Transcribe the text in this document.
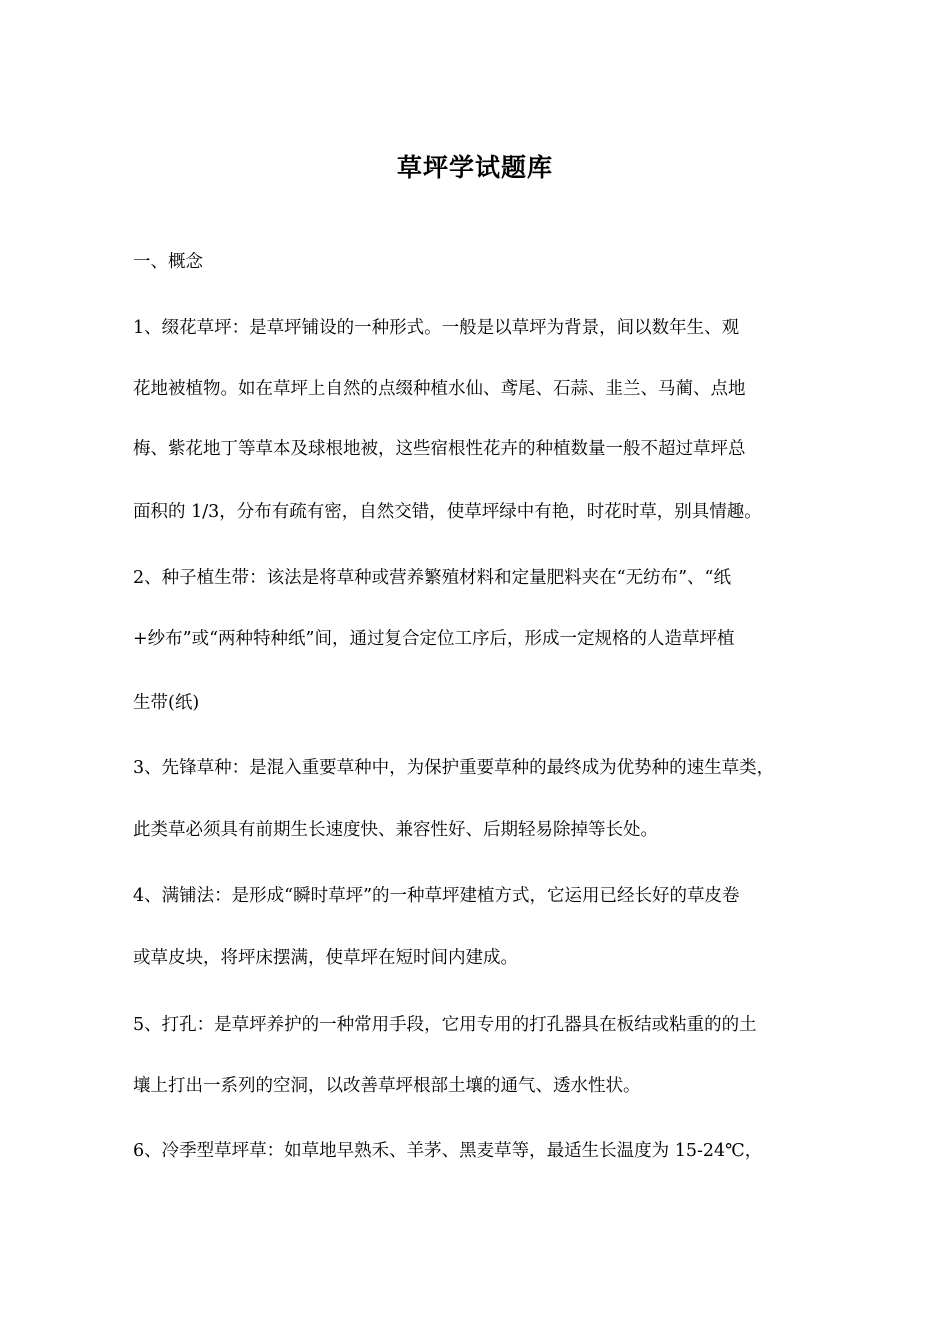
草坪学试题库
一、概念
1、缀花草坪：是草坪铺设的一种形式。一般是以草坪为背景，间以数年生、观
花地被植物。如在草坪上自然的点缀种植水仙、鸢尾、石蒜、韭兰、马蔺、点地
梅、紫花地丁等草本及球根地被，这些宿根性花卉的种植数量一般不超过草坪总
面积的 1/3，分布有疏有密，自然交错，使草坪绿中有艳，时花时草，别具情趣。
2、种子植生带：该法是将草种或营养繁殖材料和定量肥料夹在“无纺布”、“纸
+纱布”或“两种特种纸”间，通过复合定位工序后，形成一定规格的人造草坪植
生带(纸)
3、先锋草种：是混入重要草种中，为保护重要草种的最终成为优势种的速生草类，
此类草必须具有前期生长速度快、兼容性好、后期轻易除掉等长处。
4、满铺法：是形成“瞬时草坪”的一种草坪建植方式，它运用已经长好的草皮卷
或草皮块，将坪床摆满，使草坪在短时间内建成。
5、打孔：是草坪养护的一种常用手段，它用专用的打孔器具在板结或粘重的的土
壤上打出一系列的空洞，以改善草坪根部土壤的通气、透水性状。
6、冷季型草坪草：如草地早熟禾、羊茅、黑麦草等，最适生长温度为 15-24℃，
